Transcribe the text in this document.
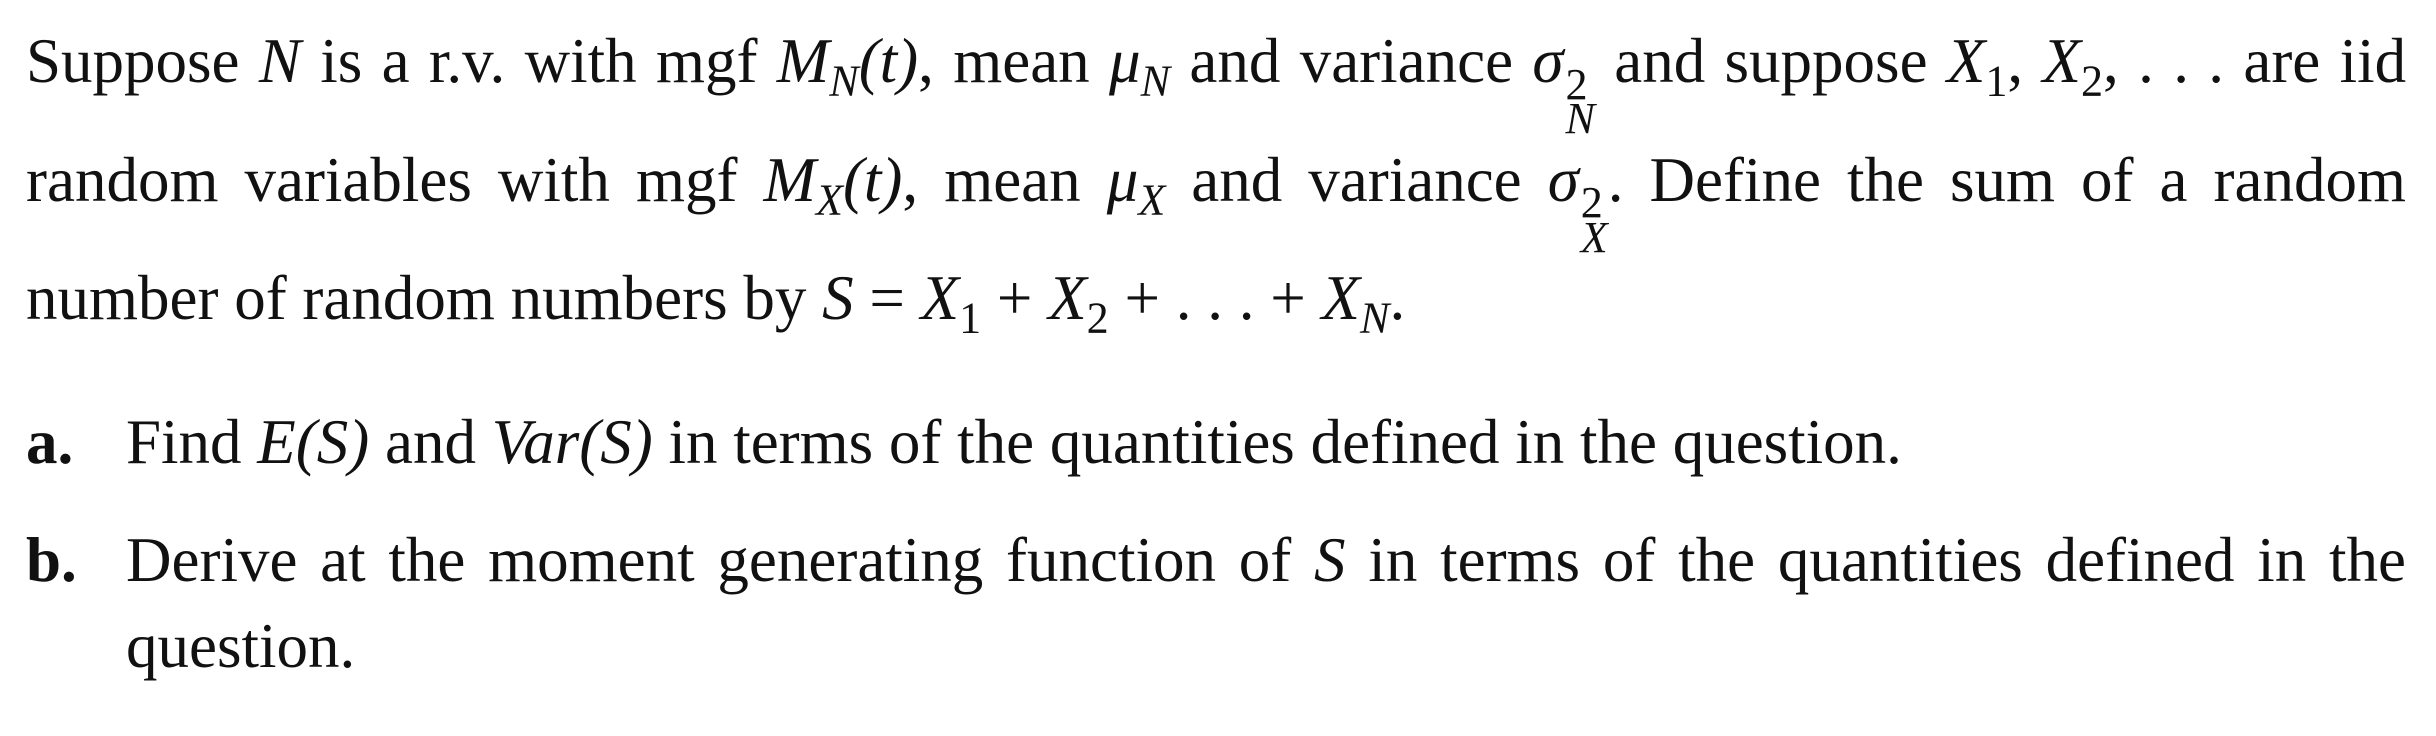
Suppose N is a r.v. with mgf $M_N(t)$, mean $\mu_N$ and variance σ 2
N
and suppose $X_1$, $X_2$, . . . are iid random variables with mgf $M_X(t)$, mean $\mu_X$ and variance σ 2
X
. Define the sum of a random number of random numbers by $S = X_1 + X_2$ + . . . + $X_N$.

a. Find E(S) and Var(S) in terms of the quantities defined in the question.
b. Derive at the moment generating function of S in terms of the quantities defined in the question.
